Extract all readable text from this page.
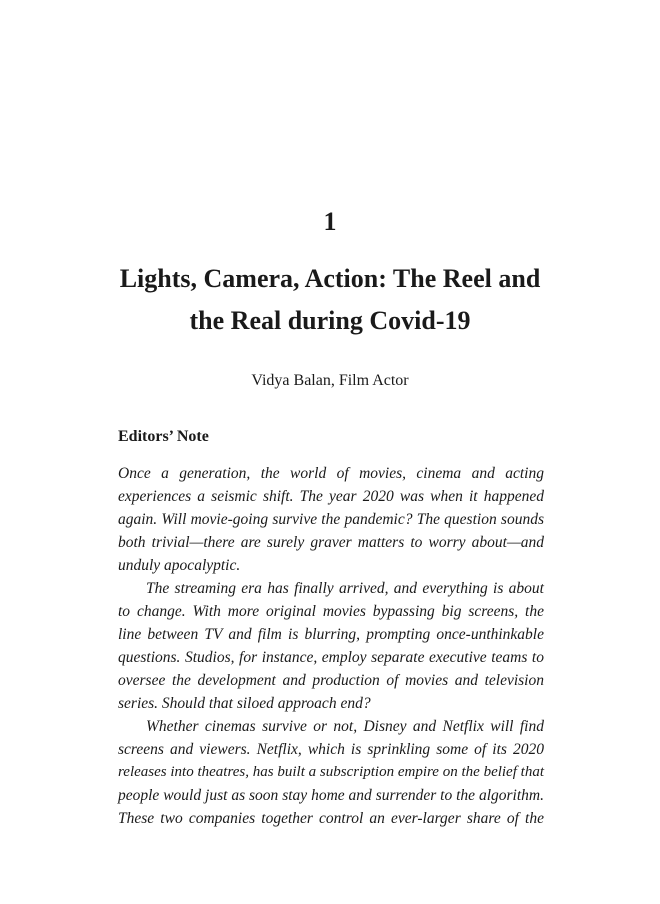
1
Lights, Camera, Action: The Reel and
the Real during Covid-19
Vidya Balan, Film Actor
Editors’ Note
Once a generation, the world of movies, cinema and acting
experiences a seismic shift. The year 2020 was when it happened
again. Will movie-going survive the pandemic? The question sounds
both trivial—there are surely graver matters to worry about—and
unduly apocalyptic.
The streaming era has finally arrived, and everything is about
to change. With more original movies bypassing big screens, the
line between TV and film is blurring, prompting once-unthinkable
questions. Studios, for instance, employ separate executive teams to
oversee the development and production of movies and television
series. Should that siloed approach end?
Whether cinemas survive or not, Disney and Netflix will find
screens and viewers. Netflix, which is sprinkling some of its 2020
releases into theatres, has built a subscription empire on the belief that
people would just as soon stay home and surrender to the algorithm.
These two companies together control an ever-larger share of the
